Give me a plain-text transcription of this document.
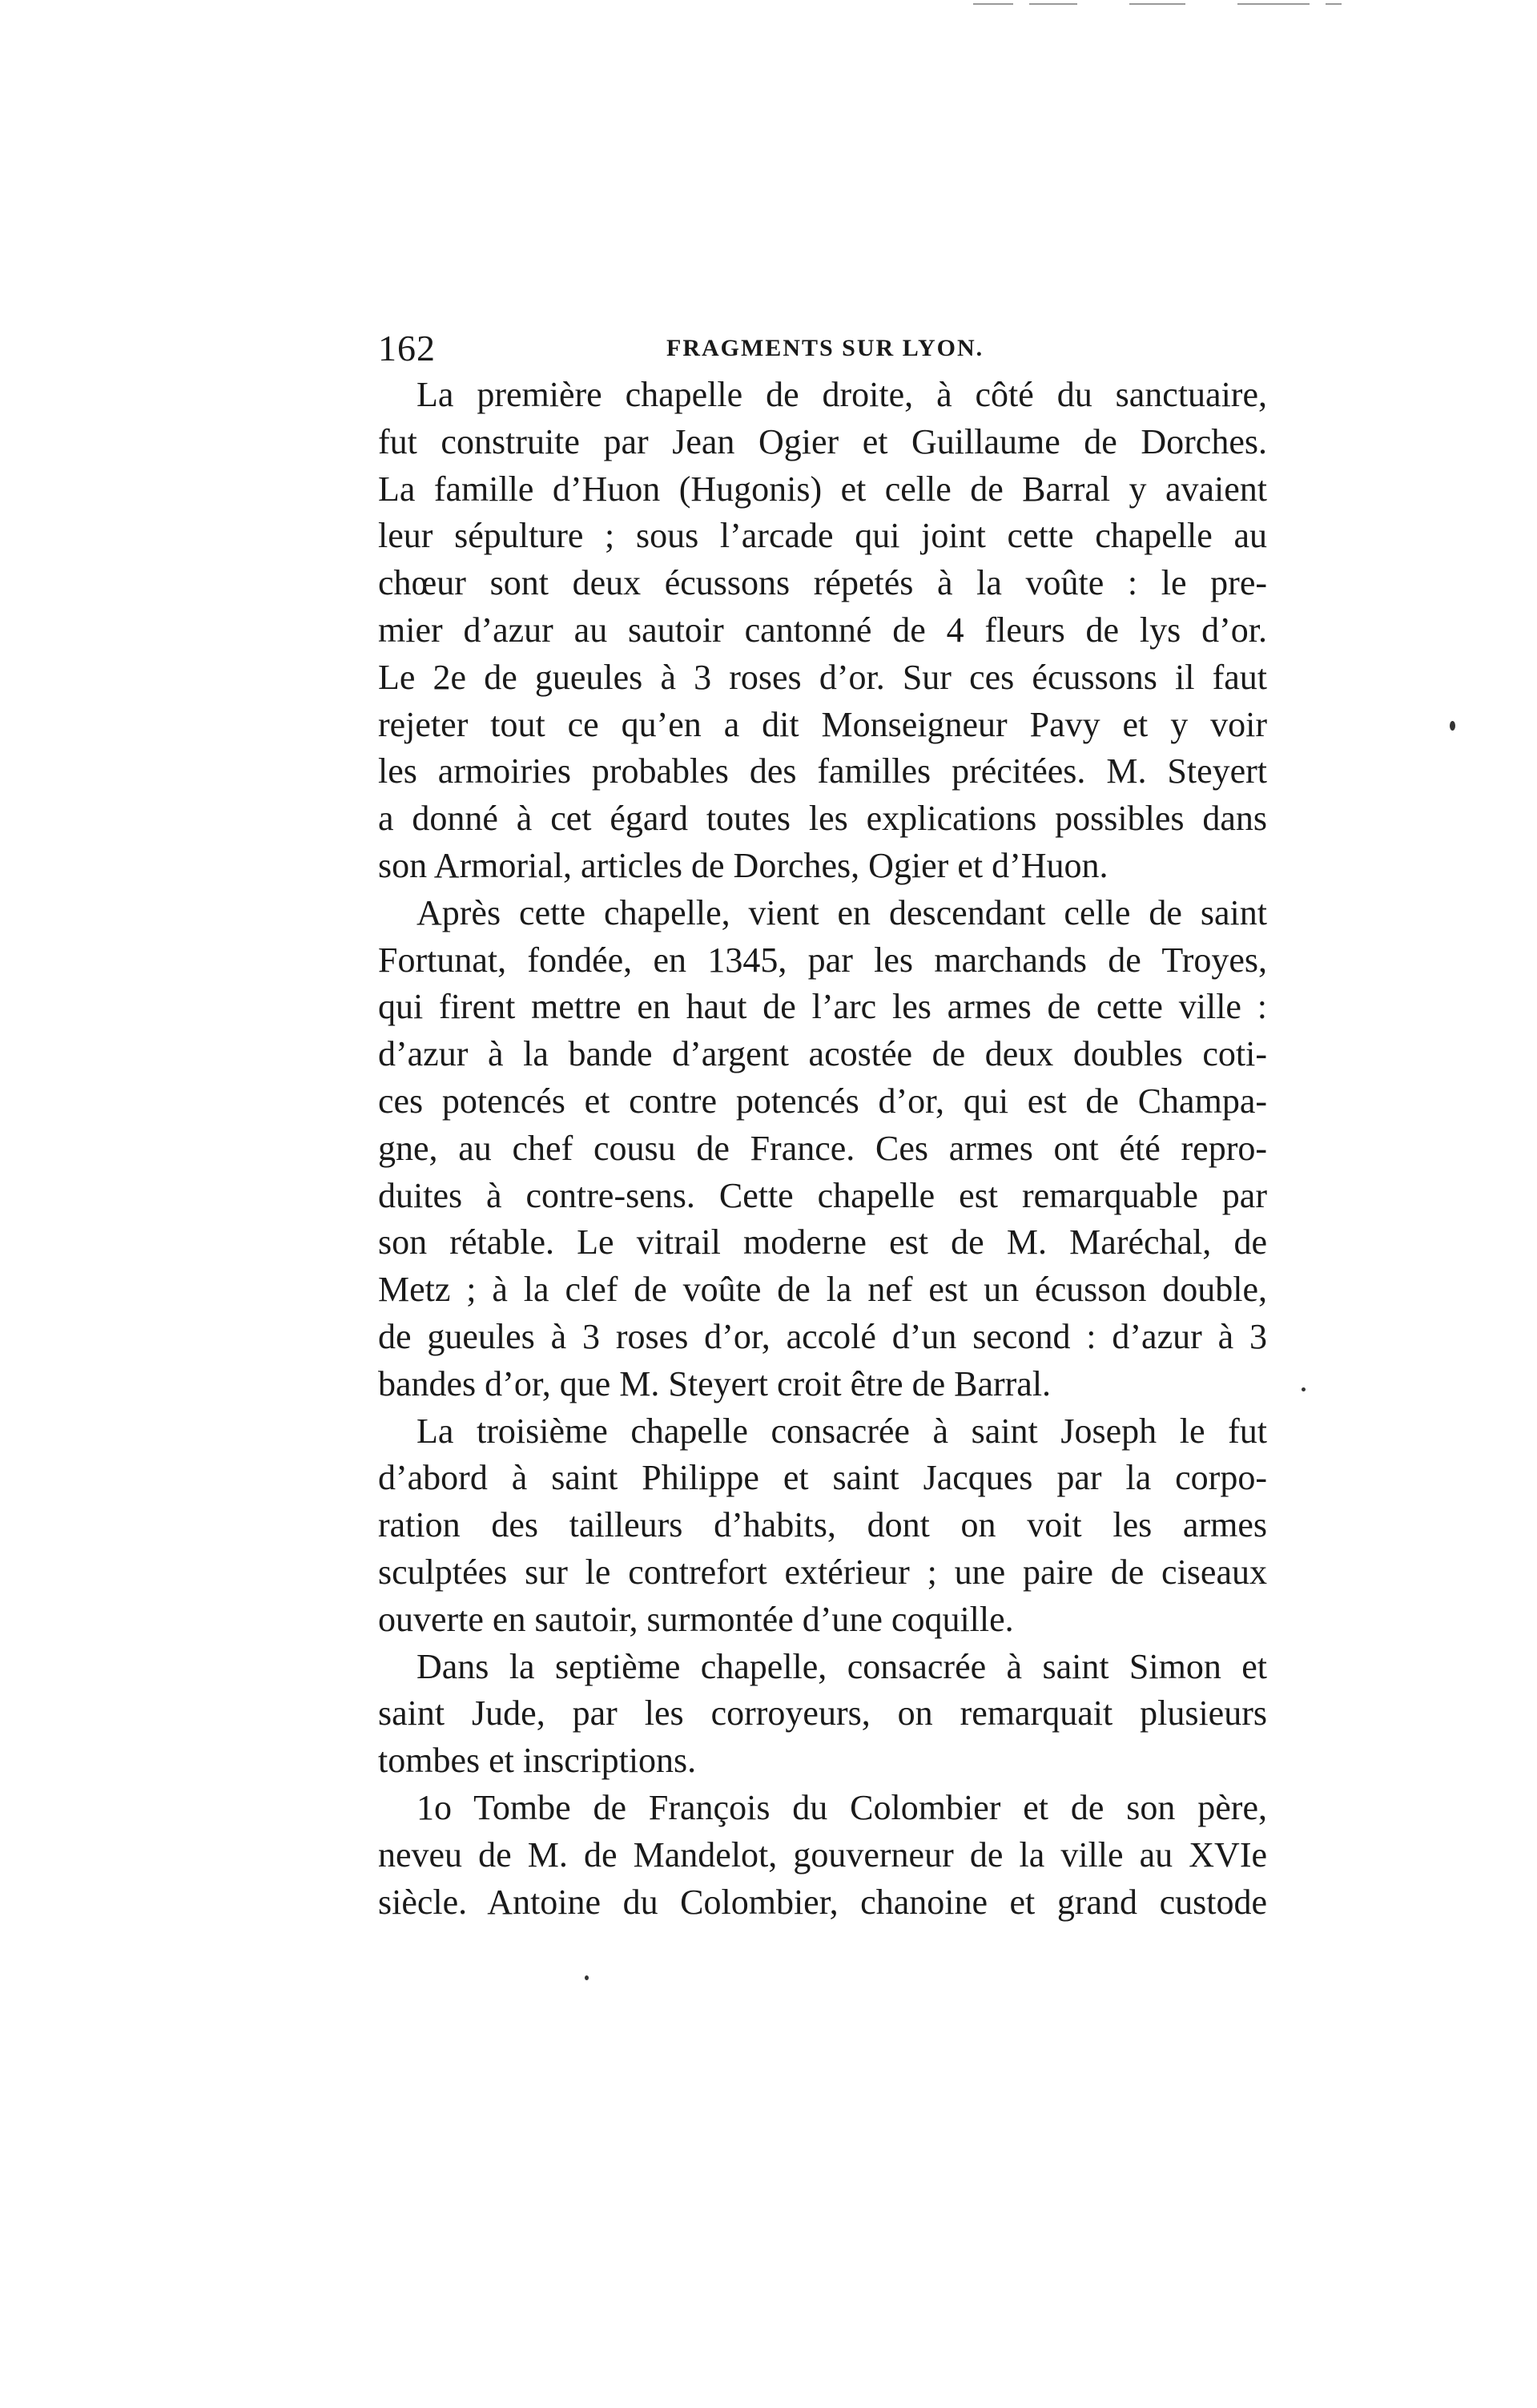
162	FRAGMENTS SUR LYON.
La première chapelle de droite, à côté du sanctuaire,
fut construite par Jean Ogier et Guillaume de Dorches.
La famille d’Huon (Hugonis) et celle de Barral y avaient
leur sépulture ; sous l’arcade qui joint cette chapelle au
chœur sont deux écussons répetés à la voûte : le pre-
mier d’azur au sautoir cantonné de 4 fleurs de lys d’or.
Le 2e de gueules à 3 roses d’or. Sur ces écussons il faut
rejeter tout ce qu’en a dit Monseigneur Pavy et y voir
les armoiries probables des familles précitées. M. Steyert
a donné à cet égard toutes les explications possibles dans
son Armorial, articles de Dorches, Ogier et d’Huon.
Après cette chapelle, vient en descendant celle de saint
Fortunat, fondée, en 1345, par les marchands de Troyes,
qui firent mettre en haut de l’arc les armes de cette ville :
d’azur à la bande d’argent acostée de deux doubles coti-
ces potencés et contre potencés d’or, qui est de Champa-
gne, au chef cousu de France. Ces armes ont été repro-
duites à contre-sens. Cette chapelle est remarquable par
son rétable. Le vitrail moderne est de M. Maréchal, de
Metz ; à la clef de voûte de la nef est un écusson double,
de gueules à 3 roses d’or, accolé d’un second : d’azur à 3
bandes d’or, que M. Steyert croit être de Barral.
La troisième chapelle consacrée à saint Joseph le fut
d’abord à saint Philippe et saint Jacques par la corpo-
ration des tailleurs d’habits, dont on voit les armes
sculptées sur le contrefort extérieur ; une paire de ciseaux
ouverte en sautoir, surmontée d’une coquille.
Dans la septième chapelle, consacrée à saint Simon et
saint Jude, par les corroyeurs, on remarquait plusieurs
tombes et inscriptions.
1o Tombe de François du Colombier et de son père,
neveu de M. de Mandelot, gouverneur de la ville au XVIe
siècle. Antoine du Colombier, chanoine et grand custode
